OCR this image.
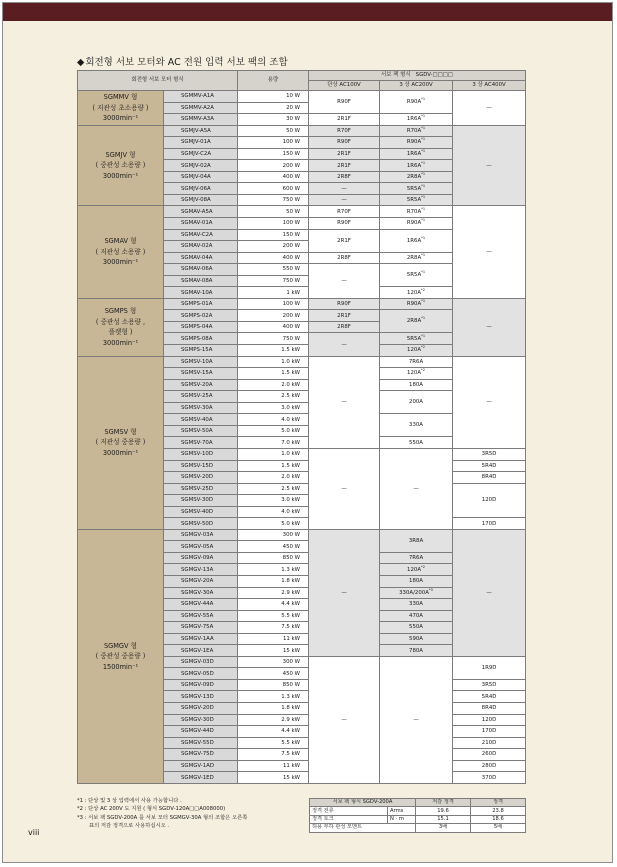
◆회전형 서보 모터와 AC 전원 입력 서보 팩의 조합
회전형 서보 모터 형식		용량	서보 팩 형식 SGDV-□□□□		
			단상 AC100V	3 상 AC200V	3 상 AC400V
SGMMV 형
( 저관성 초소용량 )
3000min⁻¹	SGMMV-A1A	10 W	R90F	$R90A^{*1}$	—
	SGMMV-A2A	20 W			
	SGMMV-A3A	30 W	2R1F	$1R6A^{*1}$
SGMJV 형
( 중관성 소용량 )
3000min⁻¹	SGMJV-A5A	50 W	R70F	$R70A^{*1}$	—
	SGMJV-01A	100 W	R90F	$R90A^{*1}$
	SGMJV-C2A	150 W	2R1F	$1R6A^{*1}$
	SGMJV-02A	200 W	2R1F	$1R6A^{*1}$
	SGMJV-04A	400 W	2R8F	$2R8A^{*1}$
	SGMJV-06A	600 W	—	$5R5A^{*1}$
	SGMJV-08A	750 W	—	$5R5A^{*1}$
SGMAV 형
( 저관성 소용량 )
3000min⁻¹	SGMAV-A5A	50 W	R70F	$R70A^{*1}$	—
	SGMAV-01A	100 W	R90F	$R90A^{*1}$
	SGMAV-C2A	150 W	2R1F	$1R6A^{*1}$
	SGMAV-02A	200 W			
	SGMAV-04A	400 W	2R8F	$2R8A^{*1}$
	SGMAV-06A	550 W	—	$5R5A^{*1}$
	SGMAV-08A	750 W			
	SGMAV-10A	1 kW		$120A^{*2}$
SGMPS 형
( 중관성 소용량 ,
플랫형 )
3000min⁻¹	SGMPS-01A	100 W	R90F	$R90A^{*1}$	—
	SGMPS-02A	200 W	2R1F	$2R8A^{*1}$
	SGMPS-04A	400 W	2R8F		
	SGMPS-08A	750 W	—	$5R5A^{*1}$
	SGMPS-15A	1.5 kW		$120A^{*2}$
SGMSV 형
( 저관성 중용량 )
3000min⁻¹	SGMSV-10A	1.0 kW	—	7R6A	—
	SGMSV-15A	1.5 kW		$120A^{*2}$
	SGMSV-20A	2.0 kW		180A	
	SGMSV-25A	2.5 kW		200A	
	SGMSV-30A	3.0 kW			
	SGMSV-40A	4.0 kW		330A	
	SGMSV-50A	5.0 kW			
	SGMSV-70A	7.0 kW		550A	
	SGMSV-10D	1.0 kW	—	—	3R5D
	SGMSV-15D	1.5 kW			5R4D
	SGMSV-20D	2.0 kW			8R4D
	SGMSV-25D	2.5 kW			120D
	SGMSV-30D	3.0 kW			
	SGMSV-40D	4.0 kW			
	SGMSV-50D	5.0 kW			170D
SGMGV 형
( 중관성 중용량 )
1500min⁻¹	SGMGV-03A	300 W	—	3R8A	—
	SGMGV-05A	450 W			
	SGMGV-09A	850 W		7R6A	
	SGMGV-13A	1.3 kW		$120A^{*2}$
	SGMGV-20A	1.8 kW		180A	
	SGMGV-30A	2.9 kW		$330A/200A^{*3}$
	SGMGV-44A	4.4 kW		330A	
	SGMGV-55A	5.5 kW		470A	
	SGMGV-75A	7.5 kW		550A	
	SGMGV-1AA	11 kW		590A	
	SGMGV-1EA	15 kW		780A	
	SGMGV-03D	300 W	—	—	1R9D
	SGMGV-05D	450 W			
	SGMGV-09D	850 W			3R5D
	SGMGV-13D	1.3 kW			5R4D
	SGMGV-20D	1.8 kW			8R4D
	SGMGV-30D	2.9 kW			120D
	SGMGV-44D	4.4 kW			170D
	SGMGV-55D	5.5 kW			210D
	SGMGV-75D	7.5 kW			260D
	SGMGV-1AD	11 kW			280D
	SGMGV-1ED	15 kW			370D
*1 : 단상 및 3 상 입력에서 사용 가능합니다 .
*2 : 단상 AC 200V 도 지원 ( 형식 SGDV-120A□□A008000)
*3 : 서보 팩 SGDV-200A 를 서보 모터 SGMGV-30A 형의 조합은 오른쪽
표의 저감 정격으로 사용하십시오 .
서보 팩 형식 SGDV-200A		저감 정격	정격
정격 전류	Arms	19.6	23.8
정격 토크	N · m	15.1	18.6
허용 부하 관성 모멘트		3배	5배
viii
